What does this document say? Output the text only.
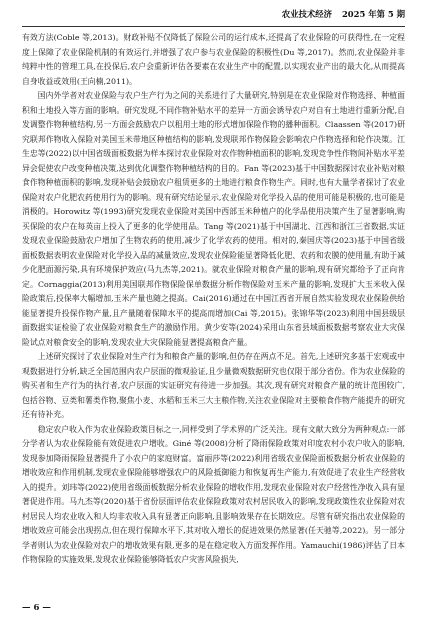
农业技术经济 2025 年第 5 期

有效方法(Coble 等,2013)。财政补贴不仅降低了保险公司的运行成本,还提高了农业保险的可获得性,在一定程度上保障了农业保险机制的有效运行,并增强了农户参与农业保险的积极性(Du 等,2017)。然而,农业保险并非纯粹中性的管理工具,在投保后,农户会重新评估各要素在农业生产中的配置,以实现农业产出的最大化,从而提高自身收益或效用(王向楠,2011)。

国内外学者对农业保险与农户生产行为之间的关系进行了大量研究,特别是在农业保险对作物选择、种植面积和土地投入等方面的影响。研究发现,不同作物补贴水平的差异一方面会诱导农户对自有土地进行重新分配,自发调整作物种植结构,另一方面会鼓励农户以租用土地的形式增加保险作物的播种面积。Claassen 等(2017)研究联邦作物收入保险对美国玉米带地区种植结构的影响,发现联邦作物保险会影响农户作物选择和轮作决策。江生忠等(2022)以中国省级面板数据为样本探讨农业保险对农作物种植面积的影响,发现竞争性作物间补贴水平差异会促使农户改变种植决策,达到优化调整作物种植结构的目的。Fan 等(2023)基于中国数据探讨农业补贴对粮食作物种植面积的影响,发现补贴会鼓励农户租赁更多的土地进行粮食作物生产。同时,也有大量学者探讨了农业保险对农户化肥农药使用行为的影响。现有研究结论显示,农业保险对化学投入品的使用可能是积极的,也可能是消极的。Horowitz 等(1993)研究发现农业保险对美国中西部玉米种植户的化学品使用决策产生了显著影响,购买保险的农户在每英亩上投入了更多的化学使用品。Tang 等(2021)基于中国湖北、江西和浙江三省数据,实证发现农业保险鼓励农户增加了生物农药的使用,减少了化学农药的使用。相对的,秦国庆等(2023)基于中国省级面板数据表明农业保险对化学投入品的减量效应,发现农业保险能显著降低化肥、农药和农膜的使用量,有助于减少化肥面源污染,具有环境保护效应(马九杰等,2021)。就农业保险对粮食产量的影响,现有研究都给予了正向肯定。Cornaggia(2013)利用美国联邦作物保险保单数据分析作物保险对玉米产量的影响,发现扩大玉米收入保险政策后,投保率大幅增加,玉米产量也随之提高。Cai(2016)通过在中国江西省开展自然实验发现农业保险供给能显著提升投保作物产量,且产量随着保障水平的提高而增加(Cai 等,2015)。张锦华等(2023)利用中国县级层面数据实证检验了农业保险对粮食生产的激励作用。黄少安等(2024)采用山东省县域面板数据考察农业大灾保险试点对粮食安全的影响,发现农业大灾保险能显著提高粮食产量。

上述研究探讨了农业保险对生产行为和粮食产量的影响,但仍存在两点不足。首先,上述研究多基于宏观或中观数据进行分析,缺乏全国范围内农户层面的微观验证,且少量微观数据研究也仅限于部分省份。作为农业保险的购买者和生产行为的执行者,农户层面的实证研究有待进一步加强。其次,现有研究对粮食产量的统计范围较广,包括谷物、豆类和薯类作物,聚焦小麦、水稻和玉米三大主粮作物,关注农业保险对主要粮食作物产能提升的研究还有待补充。

稳定农户收入作为农业保险政策目标之一,同样受到了学术界的广泛关注。现有文献大致分为两种观点:一部分学者认为农业保险能有效促进农户增收。Giné 等(2008)分析了降雨保险政策对印度农村小农户收入的影响,发现参加降雨保险显著提升了小农户的家庭财富。富丽莎等(2022)利用省级农业保险面板数据分析农业保险的增收效应和作用机制,发现农业保险能够增强农户的风险抵御能力和恢复再生产能力,有效促进了农业生产经营收入的提升。刘玮等(2022)使用省级面板数据分析农业保险的增收作用,发现农业保险对农户经营性净收入具有显著促进作用。马九杰等(2020)基于省份层面评估农业保险政策对农村居民收入的影响,发现政策性农业保险对农村居民人均农业收入和人均非农收入具有显著正向影响,且影响效果存在长期效应。尽管有研究指出农业保险的增收效应可能会出现拐点,但在现行保障水平下,其对收入增长的促进效果仍然显著(任天驰等,2022)。另一部分学者则认为农业保险对农户的增收效果有限,更多的是在稳定收入方面发挥作用。Yamauchi(1986)评估了日本作物保险的实施效果,发现农业保险能够降低农户灾害风险损失,

— 6 —
